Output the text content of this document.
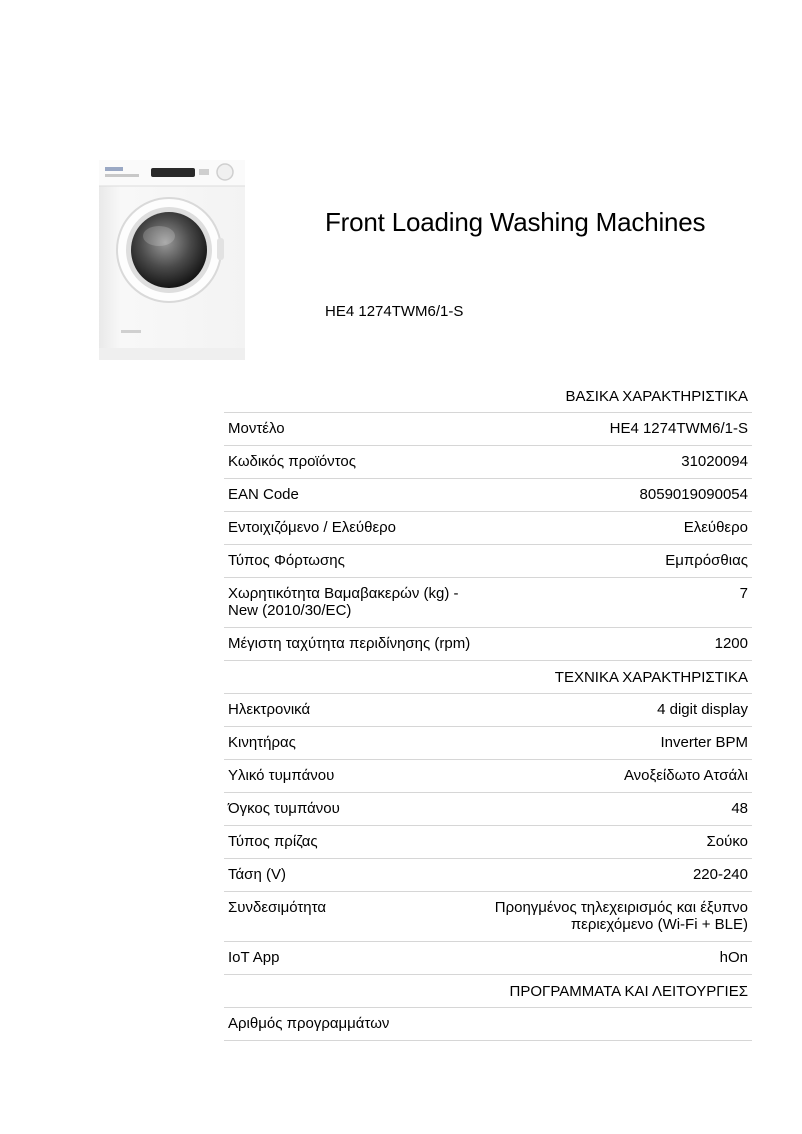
Front Loading Washing Machines
HE4 1274TWM6/1-S
	ΒΑΣΙΚΑ ΧΑΡΑΚΤΗΡΙΣΤΙΚΑ
Μοντέλο	HE4 1274TWM6/1-S
Κωδικός προϊόντος	31020094
EAN Code	8059019090054
Εντοιχιζόμενο / Ελεύθερο	Ελεύθερο
Τύπος Φόρτωσης	Εμπρόσθιας
Χωρητικότητα Βαμαβακερών (kg) - New (2010/30/EC)	7
Μέγιστη ταχύτητα περιδίνησης (rpm)	1200
	ΤΕΧΝΙΚΑ ΧΑΡΑΚΤΗΡΙΣΤΙΚΑ
Ηλεκτρονικά	4 digit display
Κινητήρας	Inverter BPM
Υλικό τυμπάνου	Ανοξείδωτο Ατσάλι
Όγκος τυμπάνου	48
Τύπος πρίζας	Σούκο
Τάση (V)	220-240
Συνδεσιμότητα	Προηγμένος τηλεχειρισμός και έξυπνο περιεχόμενο (Wi-Fi + BLE)
IoT App	hOn
	ΠΡΟΓΡΑΜΜΑΤΑ ΚΑΙ ΛΕΙΤΟΥΡΓΙΕΣ
Αριθμός προγραμμάτων	
